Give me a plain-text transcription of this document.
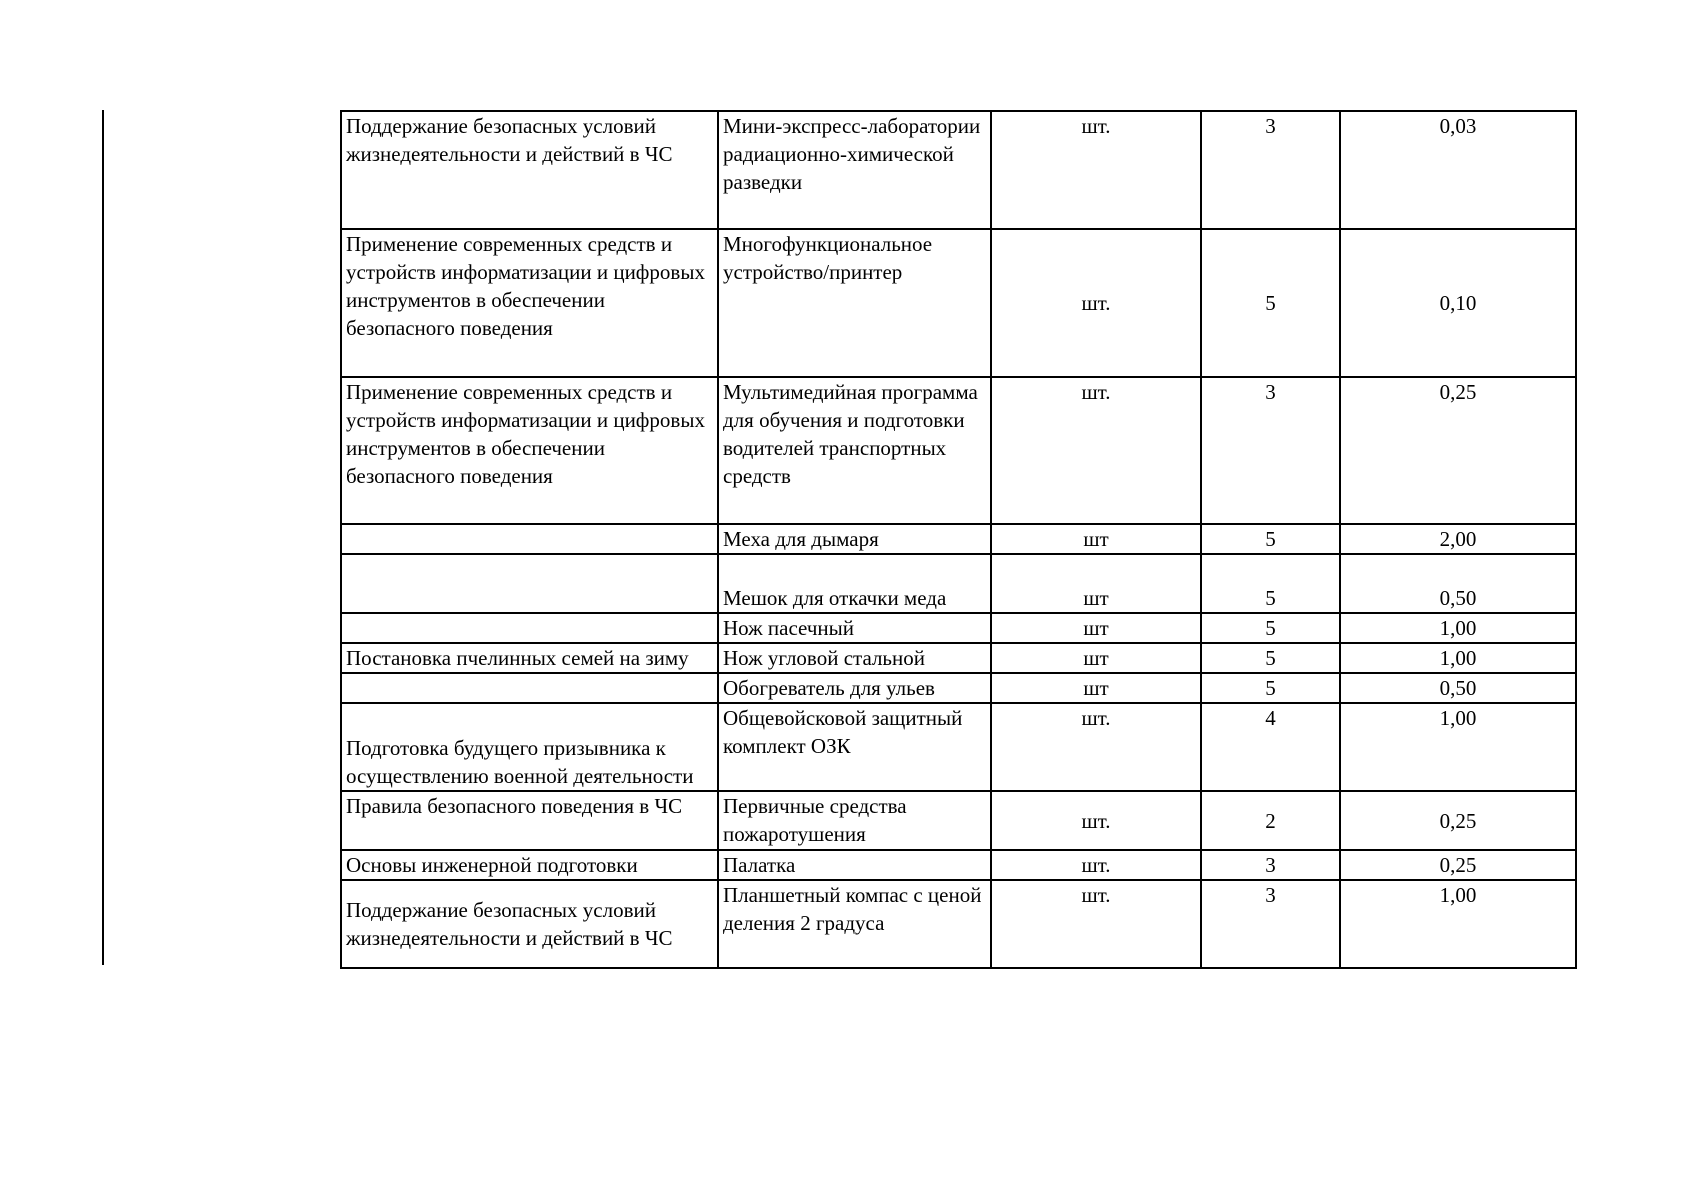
Поддержание безопасных условий жизнедеятельности и действий в ЧС	Мини-экспресс-лаборатории радиационно-химической разведки	шт.	3	0,03
Применение современных средств и устройств информатизации и цифровых инструментов в обеспечении безопасного поведения	Многофункциональное устройство/принтер	шт.	5	0,10
Применение современных средств и устройств информатизации и цифровых инструментов в обеспечении безопасного поведения	Мультимедийная программа для обучения и подготовки водителей транспортных средств	шт.	3	0,25
	Меха для дымаря	шт	5	2,00
	Мешок для откачки меда	шт	5	0,50
	Нож пасечный	шт	5	1,00
Постановка пчелинных семей на зиму	Нож угловой стальной	шт	5	1,00
	Обогреватель для ульев	шт	5	0,50
Подготовка будущего призывника к осуществлению военной деятельности	Общевойсковой защитный комплект ОЗК	шт.	4	1,00
Правила безопасного поведения в ЧС	Первичные средства пожаротушения	шт.	2	0,25
Основы инженерной подготовки	Палатка	шт.	3	0,25
Поддержание безопасных условий жизнедеятельности и действий в ЧС	Планшетный компас с ценой деления 2 градуса	шт.	3	1,00
